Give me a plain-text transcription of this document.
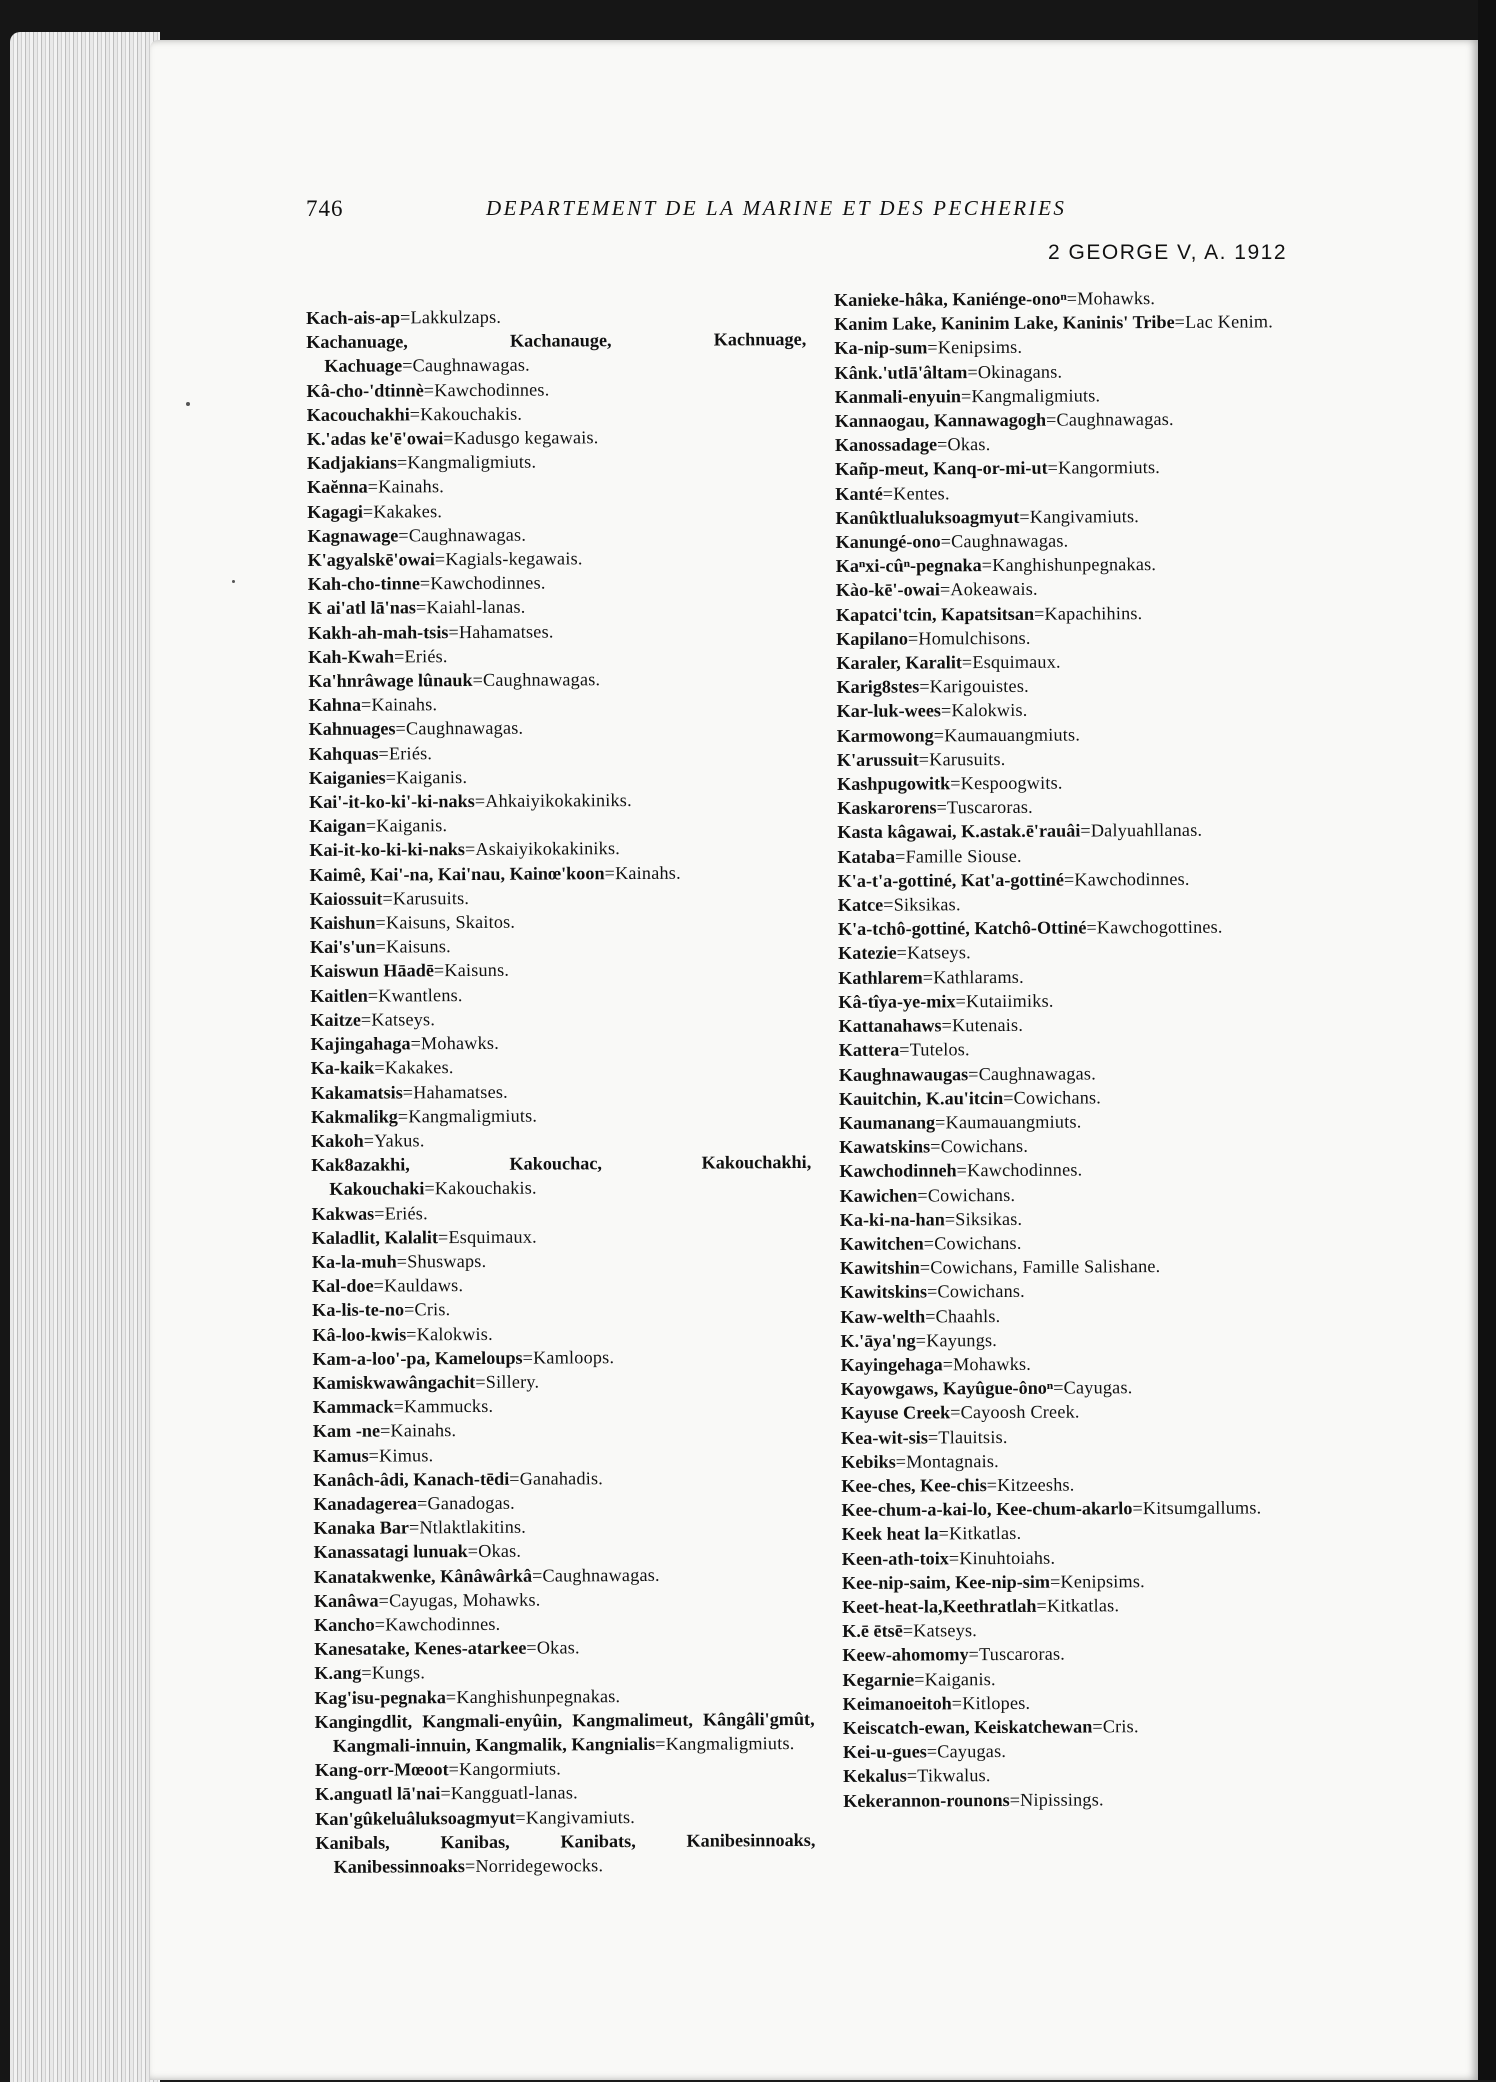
746	DEPARTEMENT DE LA MARINE ET DES PECHERIES
2 GEORGE V, A. 1912

Kach-ais-ap=Lakkulzaps.

Kachanuage, Kachanauge, Kachnuage, Kachuage=Caughnawagas.

Kâ-cho-'dtinnè=Kawchodinnes.

Kacouchakhi=Kakouchakis.

K.'adas ke'ē'owai=Kadusgo kegawais.

Kadjakians=Kangmaligmiuts.

Kaĕnna=Kainahs.

Kagagi=Kakakes.

Kagnawage=Caughnawagas.

K'agyalskē'owai=Kagials-kegawais.

Kah-cho-tinne=Kawchodinnes.

K ai'atl lā'nas=Kaiahl-lanas.

Kakh-ah-mah-tsis=Hahamatses.

Kah-Kwah=Eriés.

Ka'hnrâwage lûnauk=Caughnawagas.

Kahna=Kainahs.

Kahnuages=Caughnawagas.

Kahquas=Eriés.

Kaiganies=Kaiganis.

Kai'-it-ko-ki'-ki-naks=Ahkaiyikokakiniks.

Kaigan=Kaiganis.

Kai-it-ko-ki-ki-naks=Askaiyikokakiniks.

Kaimê, Kai'-na, Kai'nau, Kainœ'koon=Kainahs.

Kaiossuit=Karusuits.

Kaishun=Kaisuns, Skaitos.

Kai's'un=Kaisuns.

Kaiswun Hāadē=Kaisuns.

Kaitlen=Kwantlens.

Kaitze=Katseys.

Kajingahaga=Mohawks.

Ka-kaik=Kakakes.

Kakamatsis=Hahamatses.

Kakmalikg=Kangmaligmiuts.

Kakoh=Yakus.

Kak8azakhi, Kakouchac, Kakouchakhi, Kakouchaki=Kakouchakis.

Kakwas=Eriés.

Kaladlit, Kalalit=Esquimaux.

Ka-la-muh=Shuswaps.

Kal-doe=Kauldaws.

Ka-lis-te-no=Cris.

Kâ-loo-kwis=Kalokwis.

Kam-a-loo'-pa, Kameloups=Kamloops.

Kamiskwawângachit=Sillery.

Kammack=Kammucks.

Kam -ne=Kainahs.

Kamus=Kimus.

Kanâch-âdi, Kanach-tēdi=Ganahadis.

Kanadagerea=Ganadogas.

Kanaka Bar=Ntlaktlakitins.

Kanassatagi lunuak=Okas.

Kanatakwenke, Kânâwârkâ=Caughnawagas.

Kanâwa=Cayugas, Mohawks.

Kancho=Kawchodinnes.

Kanesatake, Kenes-atarkee=Okas.

K.ang=Kungs.

Kag'isu-pegnaka=Kanghishunpegnakas.

Kangingdlit, Kangmali-enyûin, Kangmalimeut, Kângâli'gmût, Kangmali-innuin, Kangmalik, Kangnialis=Kangmaligmiuts.

Kang-orr-Mœoot=Kangormiuts.

K.anguatl lā'nai=Kangguatl-lanas.

Kan'gûkeluâluksoagmyut=Kangivamiuts.

Kanibals, Kanibas, Kanibats, Kanibesinnoaks, Kanibessinnoaks=Norridegewocks.

Kanieke-hâka, Kaniénge-onoⁿ=Mohawks.

Kanim Lake, Kaninim Lake, Kaninis' Tribe=Lac Kenim.

Ka-nip-sum=Kenipsims.

Kânk.'utlā'âltam=Okinagans.

Kanmali-enyuin=Kangmaligmiuts.

Kannaogau, Kannawagogh=Caughnawagas.

Kanossadage=Okas.

Kañp-meut, Kanq-or-mi-ut=Kangormiuts.

Kanté=Kentes.

Kanûktlualuksoagmyut=Kangivamiuts.

Kanungé-ono=Caughnawagas.

Kaⁿxi-cûⁿ-pegnaka=Kanghishunpegnakas.

Kào-kē'-owai=Aokeawais.

Kapatci'tcin, Kapatsitsan=Kapachihins.

Kapilano=Homulchisons.

Karaler, Karalit=Esquimaux.

Karig8stes=Karigouistes.

Kar-luk-wees=Kalokwis.

Karmowong=Kaumauangmiuts.

K'arussuit=Karusuits.

Kashpugowitk=Kespoogwits.

Kaskarorens=Tuscaroras.

Kasta kâgawai, K.astak.ē'rauâi=Dalyuahllanas.

Kataba=Famille Siouse.

K'a-t'a-gottiné, Kat'a-gottiné=Kawchodinnes.

Katce=Siksikas.

K'a-tchô-gottiné, Katchô-Ottiné=Kawchogottines.

Katezie=Katseys.

Kathlarem=Kathlarams.

Kâ-tîya-ye-mix=Kutaiimiks.

Kattanahaws=Kutenais.

Kattera=Tutelos.

Kaughnawaugas=Caughnawagas.

Kauitchin, K.au'itcin=Cowichans.

Kaumanang=Kaumauangmiuts.

Kawatskins=Cowichans.

Kawchodinneh=Kawchodinnes.

Kawichen=Cowichans.

Ka-ki-na-han=Siksikas.

Kawitchen=Cowichans.

Kawitshin=Cowichans, Famille Salishane.

Kawitskins=Cowichans.

Kaw-welth=Chaahls.

K.'āya'ng=Kayungs.

Kayingehaga=Mohawks.

Kayowgaws, Kayûgue-ônoⁿ=Cayugas.

Kayuse Creek=Cayoosh Creek.

Kea-wit-sis=Tlauitsis.

Kebiks=Montagnais.

Kee-ches, Kee-chis=Kitzeeshs.

Kee-chum-a-kai-lo, Kee-chum-akarlo=Kitsumgallums.

Keek heat la=Kitkatlas.

Keen-ath-toix=Kinuhtoiahs.

Kee-nip-saim, Kee-nip-sim=Kenipsims.

Keet-heat-la,Keethratlah=Kitkatlas.

K.ē ētsē=Katseys.

Keew-ahomomy=Tuscaroras.

Kegarnie=Kaiganis.

Keimanoeitoh=Kitlopes.

Keiscatch-ewan, Keiskatchewan=Cris.

Kei-u-gues=Cayugas.

Kekalus=Tikwalus.

Kekerannon-rounons=Nipissings.
